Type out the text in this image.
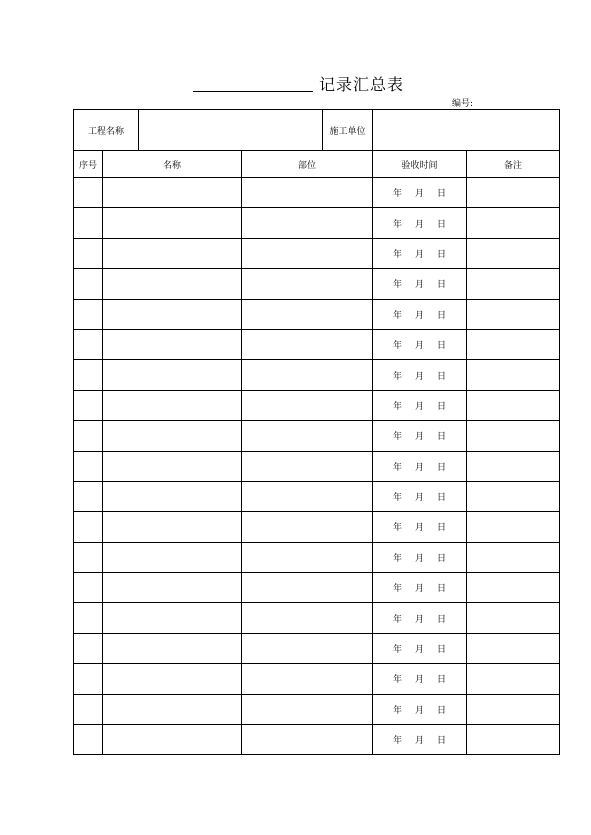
记录汇总表
编号:
工程名称				施工单位		
序号	名称		部位		验收时间	备注
					年 月 日	
					年 月 日	
					年 月 日	
					年 月 日	
					年 月 日	
					年 月 日	
					年 月 日	
					年 月 日	
					年 月 日	
					年 月 日	
					年 月 日	
					年 月 日	
					年 月 日	
					年 月 日	
					年 月 日	
					年 月 日	
					年 月 日	
					年 月 日	
					年 月 日	
